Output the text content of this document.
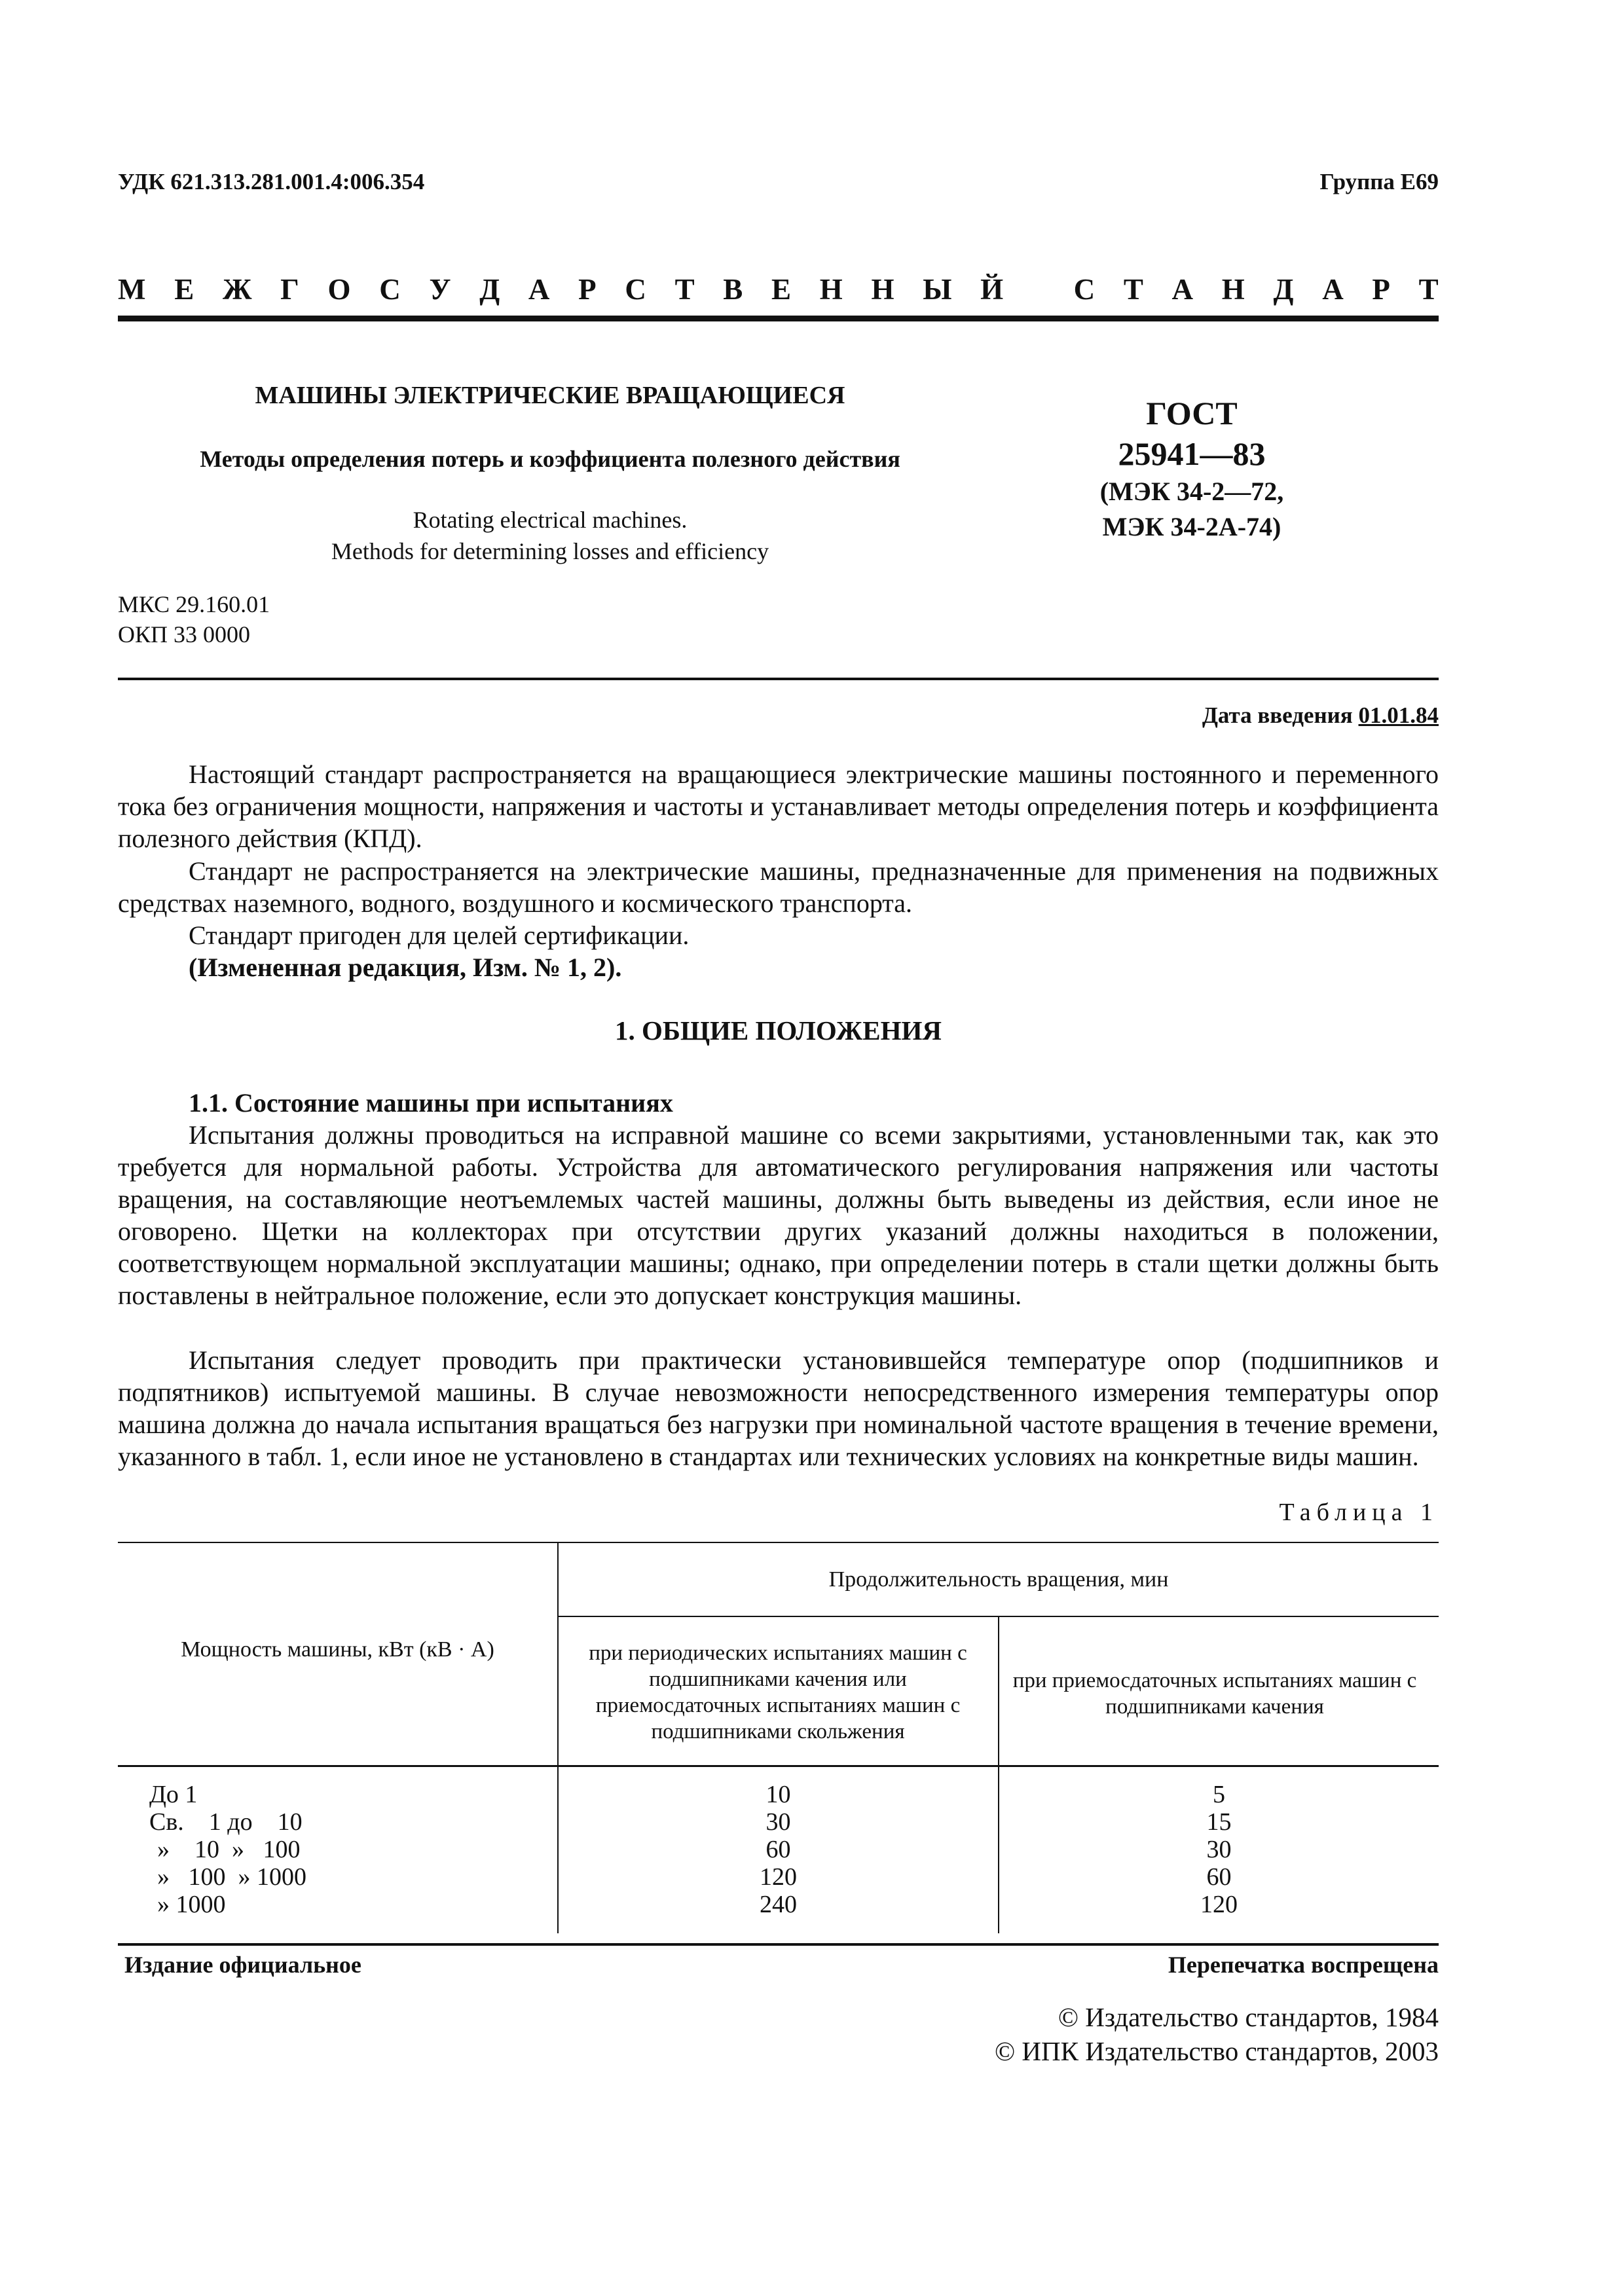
УДК 621.313.281.001.4:006.354	Группа Е69
М Е Ж Г О С У Д А Р С Т В Е Н Н Ы Й С Т А Н Д А Р Т
МАШИНЫ ЭЛЕКТРИЧЕСКИЕ ВРАЩАЮЩИЕСЯ
Методы определения потерь и коэффициента полезного действия
Rotating electrical machines.
Methods for determining losses and efficiency
ГОСТ
25941—83
(МЭК 34-2—72,
МЭК 34-2А-74)
МКС 29.160.01
ОКП 33 0000
Дата введения 01.01.84
Настоящий стандарт распространяется на вращающиеся электрические машины постоянного и переменного тока без ограничения мощности, напряжения и частоты и устанавливает методы определения потерь и коэффициента полезного действия (КПД).
Стандарт не распространяется на электрические машины, предназначенные для применения на подвижных средствах наземного, водного, воздушного и космического транспорта.
Стандарт пригоден для целей сертификации.
(Измененная редакция, Изм. № 1, 2).
1. ОБЩИЕ ПОЛОЖЕНИЯ
1.1. Состояние машины при испытаниях
Испытания должны проводиться на исправной машине со всеми закрытиями, установленными так, как это требуется для нормальной работы. Устройства для автоматического регулирования напряжения или частоты вращения, на составляющие неотъемлемых частей машины, должны быть выведены из действия, если иное не оговорено. Щетки на коллекторах при отсутствии других указаний должны находиться в положении, соответствующем нормальной эксплуатации машины; однако, при определении потерь в стали щетки должны быть поставлены в нейтральное положение, если это допускает конструкция машины.
Испытания следует проводить при практически установившейся температуре опор (подшипников и подпятников) испытуемой машины. В случае невозможности непосредственного измерения температуры опор машина должна до начала испытания вращаться без нагрузки при номинальной частоте вращения в течение времени, указанного в табл. 1, если иное не установлено в стандартах или технических условиях на конкретные виды машин.
Таблица 1
Мощность машины, кВт (кВ · А)
Продолжительность вращения, мин
при периодических испытаниях машин с подшипниками качения или приемосдаточных испытаниях машин с подшипниками скольжения
при приемосдаточных испытаниях машин с подшипниками качения
До 1
Св.    1 до    10
»    10  »   100
»   100  » 1000
» 1000
10
30
60
120
240
5
15
30
60
120
Издание официальное	Перепечатка воспрещена
© Издательство стандартов, 1984
© ИПК Издательство стандартов, 2003
